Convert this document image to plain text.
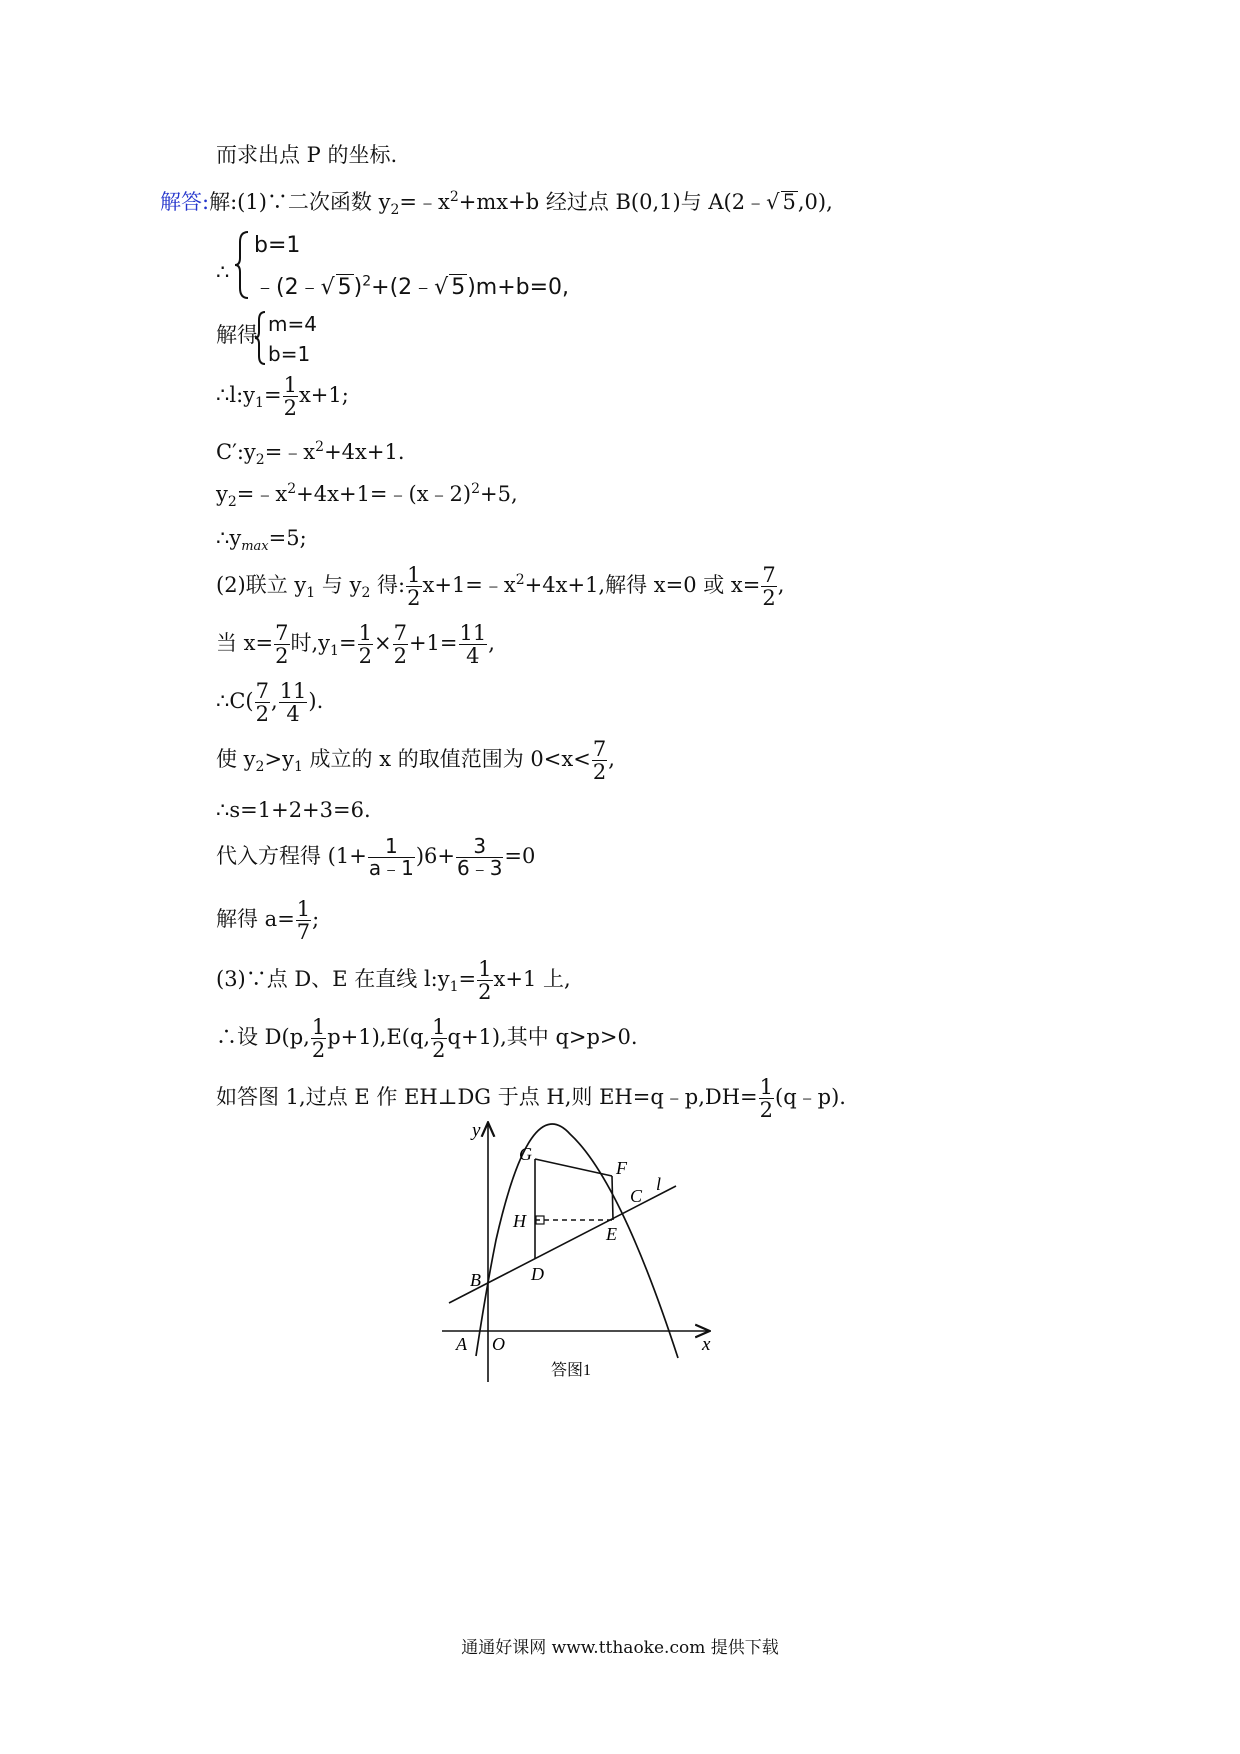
而求出点 P 的坐标.
解答:解:(1)∵二次函数 $y_2=﹣x^2+mx+b$ 经过点 B(0,1)与 A(2﹣√ 5,0),
∴
b=1
﹣(2﹣√ 5)$^2$+(2﹣√ 5)m+b=0,
解得 m=4
b=1
$\therefore l:y_1= \frac{1}{2} x+1$;
$C':y_2=﹣x^2+4x+1$.
$y_2=﹣x^2+4x+1=﹣(x﹣2)^2+5$,
$\therefore y_{max}=5$;
(2)联立 $y_1$ 与 $y_2$ 得: $\frac{1}{2}$ $x+1=﹣x^2+4x+1$,解得 x=0 或 $x= \frac{7}{2}$ ,
当 $x= \frac{7}{2}$ 时$,y_1= \frac{1}{2} \times \frac{7}{2} +1= \frac{11}{4}$ ,
∴C( $\frac{7}{2}$ , $\frac{11}{4}$ ).
使 $y_2>y_1$ 成立的 x 的取值范围为 $0<x< \frac{7}{2}$ ,
∴s=1+2+3=6.
代入方程得 $(1+ \frac{1}{a﹣1} )6+ \frac{3}{6﹣3} =0$
解得 $a= \frac{1}{7}$ ;
(3)∵点 D、E 在直线 $l:y_1= \frac{1}{2} x+1$ 上,
∴设 D(p, $\frac{1}{2} p+1),E(q$, $\frac{1}{2} q+1$),其中 q>p>0.
如答图 1,过点 E 作 EH⊥DG 于点 H,则 EH=q﹣p,DH= $\frac{1}{2}$ (q﹣p).
y
x
G
F
C
l
H
E
B	D
A O
答图1
通通好课网 www.tthaoke.com 提供下载
